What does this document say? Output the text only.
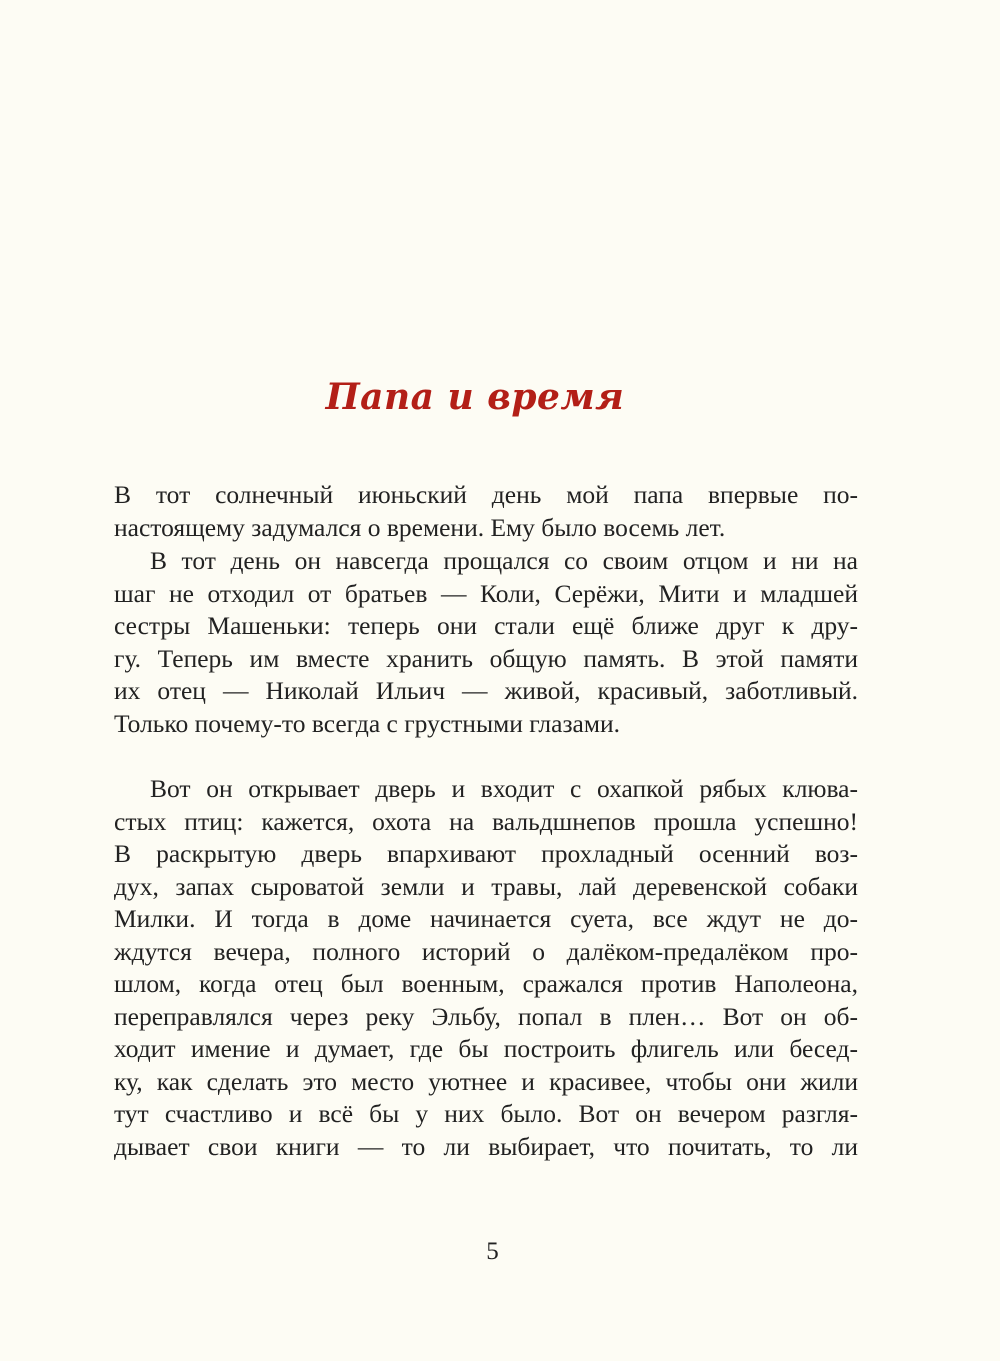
Папа и время
В тот солнечный июньский день мой папа впервые по-
настоящему задумался о времени. Ему было восемь лет.
В тот день он навсегда прощался со своим отцом и ни на
шаг не отходил от братьев — Коли, Серёжи, Мити и младшей
сестры Машеньки: теперь они стали ещё ближе друг к дру-
гу. Теперь им вместе хранить общую память. В этой памяти
их отец — Николай Ильич — живой, красивый, заботливый.
Только почему-то всегда с грустными глазами.
Вот он открывает дверь и входит с охапкой рябых клюва-
стых птиц: кажется, охота на вальдшнепов прошла успешно!
В раскрытую дверь впархивают прохладный осенний воз-
дух, запах сыроватой земли и травы, лай деревенской собаки
Милки. И тогда в доме начинается суета, все ждут не до-
ждутся вечера, полного историй о далёком-предалёком про-
шлом, когда отец был военным, сражался против Наполеона,
переправлялся через реку Эльбу, попал в плен… Вот он об-
ходит имение и думает, где бы построить флигель или бесед-
ку, как сделать это место уютнее и красивее, чтобы они жили
тут счастливо и всё бы у них было. Вот он вечером разгля-
дывает свои книги — то ли выбирает, что почитать, то ли
5
